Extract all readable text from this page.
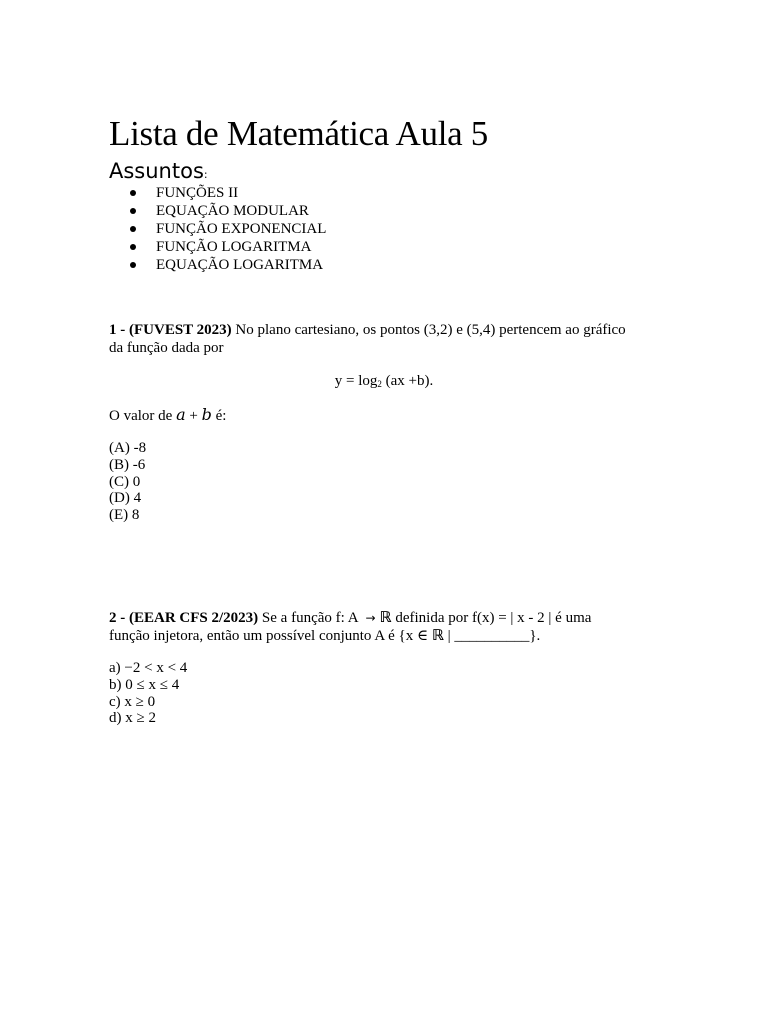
Lista de Matemática Aula 5
Assuntos:
FUNÇÕES II
EQUAÇÃO MODULAR
FUNÇÃO EXPONENCIAL
FUNÇÃO LOGARITMA
EQUAÇÃO LOGARITMA
1 - (FUVEST 2023) No plano cartesiano, os pontos (3,2) e (5,4) pertencem ao gráfico
da função dada por
$y = \log_2 (ax +b)$.
O valor de a + b é:
(A) -8
(B) -6
(C) 0
(D) 4
(E) 8
2 - (EEAR CFS 2/2023) Se a função f: A → ℝ definida por f(x) = | x - 2 | é uma
função injetora, então um possível conjunto A é {x ∈ ℝ | __________}.
a) −2 < x < 4
b) 0 ≤ x ≤ 4
c) x ≥ 0
d) x ≥ 2
